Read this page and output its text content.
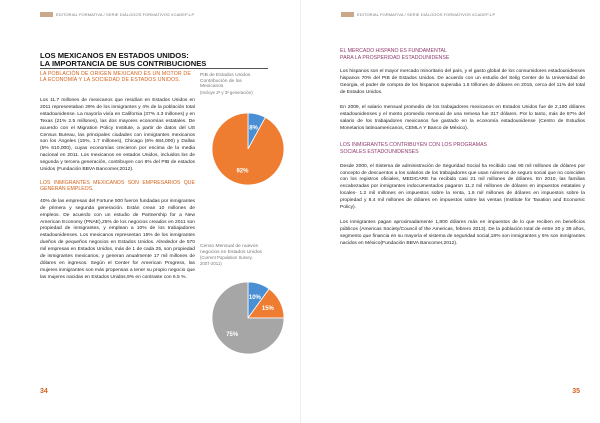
EDITORIAL FORMATIVA / SERIE DIÁLOGOS FORMATIVOS /ICADEP-LP
LOS MEXICANOS EN ESTADOS UNIDOS:
LA IMPORTANCIA DE SUS CONTRIBUCIONES
LA POBLACIÓN DE ORIGEN MEXICANO ES UN MOTOR DE LA ECONOMÍA Y LA SOCIEDAD DE ESTADOS UNIDOS.

Los 11.7 millones de mexicanos que residían en Estados Unidos en 2011 representaban 29% de los inmigrantes y 4% de la población total estadounidense. La mayoría vivía en California (37% 4.3 millones) y en Texas (21% 2.5 millones), las dos mayores economías estatales. De acuerdo con el Migration Policy Institute, a partir de datos del US Census Bureau, las principales ciudades con inmigrantes mexicanos son los Ángeles (15%, 1.7 millones), Chicago (6% 684,000) y Dallas (5% 610,000), cuyas economías crecieron por encima de la media nacional en 2011. Los mexicanos en estados Unidos, incluidos los de segunda y tercera generación, contribuyen con 8% del PIB de estados Unidos (Fundación BBVA Bancomer,2012).

LOS INMIGRANTES MEXICANOS SON EMPRESARIOS QUE GENERAN EMPLEOS.

40% de las empresas del Fortune 500 fueron fundadas por inmigrantes de primera y segunda generación. Están crean 10 millones de empleos. De acuerdo con un estudio de Partnership for a New American Economy (PNAE),25% de los negocios creados en 2011 son propiedad de inmigrantes, y emplean a 10% de los trabajadores estadounidenses. Los mexicanos representan 15% de los inmigrantes dueños de pequeños negocios en Estados Unidos. Alrededor de 570 mil empresas en Estados Unidos, más de 1 de cada 25, son propiedad de inmigrantes mexicanos, y generan anualmente 17 mil millones de dólares en ingresos. Según el Center for American Progress, las mujeres inmigrantes son más propensas a tener su propio negocio que las mujeres nacidas en Estados Unidos,9% en contraste con 6.5 %.

PIB de Estados Unidos
Contribución de los
Mexicanos
(Incluye 2ª y 3ª generación)
8%
92%
Censo Mensual de nuevos
negocios en Estados Unidos
(Current Population Survey,
2007-2011)
10%
15%
75%
34
EDITORIAL FORMATIVA / SERIE DIÁLOGOS FORMATIVOS /ICADEP-LP
35
EL MERCADO HISPANO ES FUNDAMENTAL
PARA LA PROSPERIDAD ESTADOUNIDENSE

Los hispanos son el mayor mercado minoritario del país, y el gasto global de los consumidores estadounidenses hispanos 70% del PIB de Estados Unidos. De acuerdo con un estudio del Selig Center de la Universidad de Georgia, el poder de compra de los hispanos superaba 1.5 trillones de dólares en 2015, cerca del 11% del total de Estados Unidos.

En 2009, el salario mensual promedio de los trabajadores mexicanos en Estados Unidos fue de 2,190 dólares estadounidenses y el monto promedio mensual de una remesa fue 317 dólares. Por lo tanto, más de 87% del salario de los trabajadores mexicanos fue gastado en la economía estadounidense (Centro de Estudios Monetarios latinoamericanos, CEMLA Y Banco de México).

LOS INMIGRANTES CONTRIBUYEN CON LOS PROGRAMAS
SOCIALES ESTADOUNIDENSES

Desde 2000, el Sistema de administración de Seguridad Social ha recibido casi 90 mil millones de dólares por concepto de descuentos a los salarios de los trabajadores que usan números de seguro social que no coinciden con los registros oficiales, MEDICARE ha recibido casi 21 mil millones de dólares. En 2010, las familias encabezadas por inmigrantes indocumentados pagaron 11.2 mil millones de dólares en impuestos estatales y locales- 1.2 mil millones en impuestos sobre la renta, 1.6 mil millones de dólares en impuestos sobre la propiedad y 8.4 mil millones de dólares en impuestos sobre las ventas (Institute for Taxation and Economic Policy).

Los inmigrantes pagan aproximadamente 1,800 dólares más en impuestos de lo que reciben en beneficios públicos (Americas Society/Council of the Americas, febrero 2013). De la población total de entre 20 y 39 años, segmento que financia en su mayoría el sistema de seguridad social,18% son inmigrantes y 6% son inmigrantes nacidos en México(Fundación BBVA Bancomer,2012).
